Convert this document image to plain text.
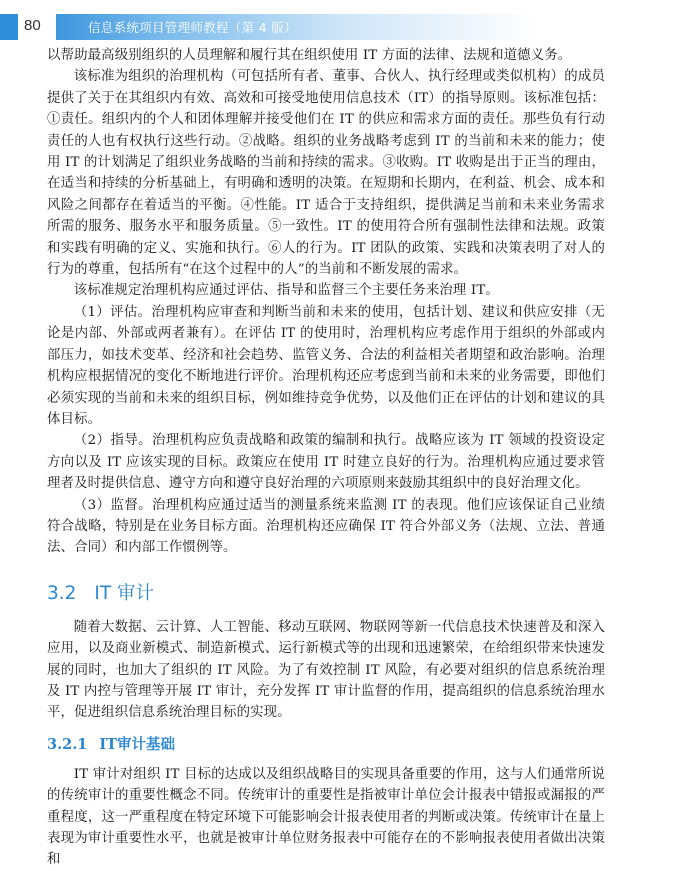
80	信息系统项目管理师教程（第 4 版）

以帮助最高级别组织的人员理解和履行其在组织使用 IT 方面的法律、法规和道德义务。

该标准为组织的治理机构（可包括所有者、董事、合伙人、执行经理或类似机构）的成员提供了关于在其组织内有效、高效和可接受地使用信息技术（IT）的指导原则。该标准包括：①责任。组织内的个人和团体理解并接受他们在 IT 的供应和需求方面的责任。那些负有行动责任的人也有权执行这些行动。②战略。组织的业务战略考虑到 IT 的当前和未来的能力；使用 IT 的计划满足了组织业务战略的当前和持续的需求。③收购。IT 收购是出于正当的理由，在适当和持续的分析基础上，有明确和透明的决策。在短期和长期内，在利益、机会、成本和风险之间都存在着适当的平衡。④性能。IT 适合于支持组织，提供满足当前和未来业务需求所需的服务、服务水平和服务质量。⑤一致性。IT 的使用符合所有强制性法律和法规。政策和实践有明确的定义、实施和执行。⑥人的行为。IT 团队的政策、实践和决策表明了对人的行为的尊重，包括所有“在这个过程中的人”的当前和不断发展的需求。

该标准规定治理机构应通过评估、指导和监督三个主要任务来治理 IT。

（1）评估。治理机构应审查和判断当前和未来的使用，包括计划、建议和供应安排（无论是内部、外部或两者兼有）。在评估 IT 的使用时，治理机构应考虑作用于组织的外部或内部压力，如技术变革、经济和社会趋势、监管义务、合法的利益相关者期望和政治影响。治理机构应根据情况的变化不断地进行评价。治理机构还应考虑到当前和未来的业务需要，即他们必须实现的当前和未来的组织目标，例如维持竞争优势，以及他们正在评估的计划和建议的具体目标。

（2）指导。治理机构应负责战略和政策的编制和执行。战略应该为 IT 领域的投资设定方向以及 IT 应该实现的目标。政策应在使用 IT 时建立良好的行为。治理机构应通过要求管理者及时提供信息、遵守方向和遵守良好治理的六项原则来鼓励其组织中的良好治理文化。

（3）监督。治理机构应通过适当的测量系统来监测 IT 的表现。他们应该保证自己业绩符合战略，特别是在业务目标方面。治理机构还应确保 IT 符合外部义务（法规、立法、普通法、合同）和内部工作惯例等。

3.2 IT 审计

随着大数据、云计算、人工智能、移动互联网、物联网等新一代信息技术快速普及和深入应用，以及商业新模式、制造新模式、运行新模式等的出现和迅速繁荣，在给组织带来快速发展的同时，也加大了组织的 IT 风险。为了有效控制 IT 风险，有必要对组织的信息系统治理及 IT 内控与管理等开展 IT 审计，充分发挥 IT 审计监督的作用，提高组织的信息系统治理水平，促进组织信息系统治理目标的实现。

3.2.1 IT审计基础

IT 审计对组织 IT 目标的达成以及组织战略目的实现具备重要的作用，这与人们通常所说的传统审计的重要性概念不同。传统审计的重要性是指被审计单位会计报表中错报或漏报的严重程度，这一严重程度在特定环境下可能影响会计报表使用者的判断或决策。传统审计在量上表现为审计重要性水平，也就是被审计单位财务报表中可能存在的不影响报表使用者做出决策和
